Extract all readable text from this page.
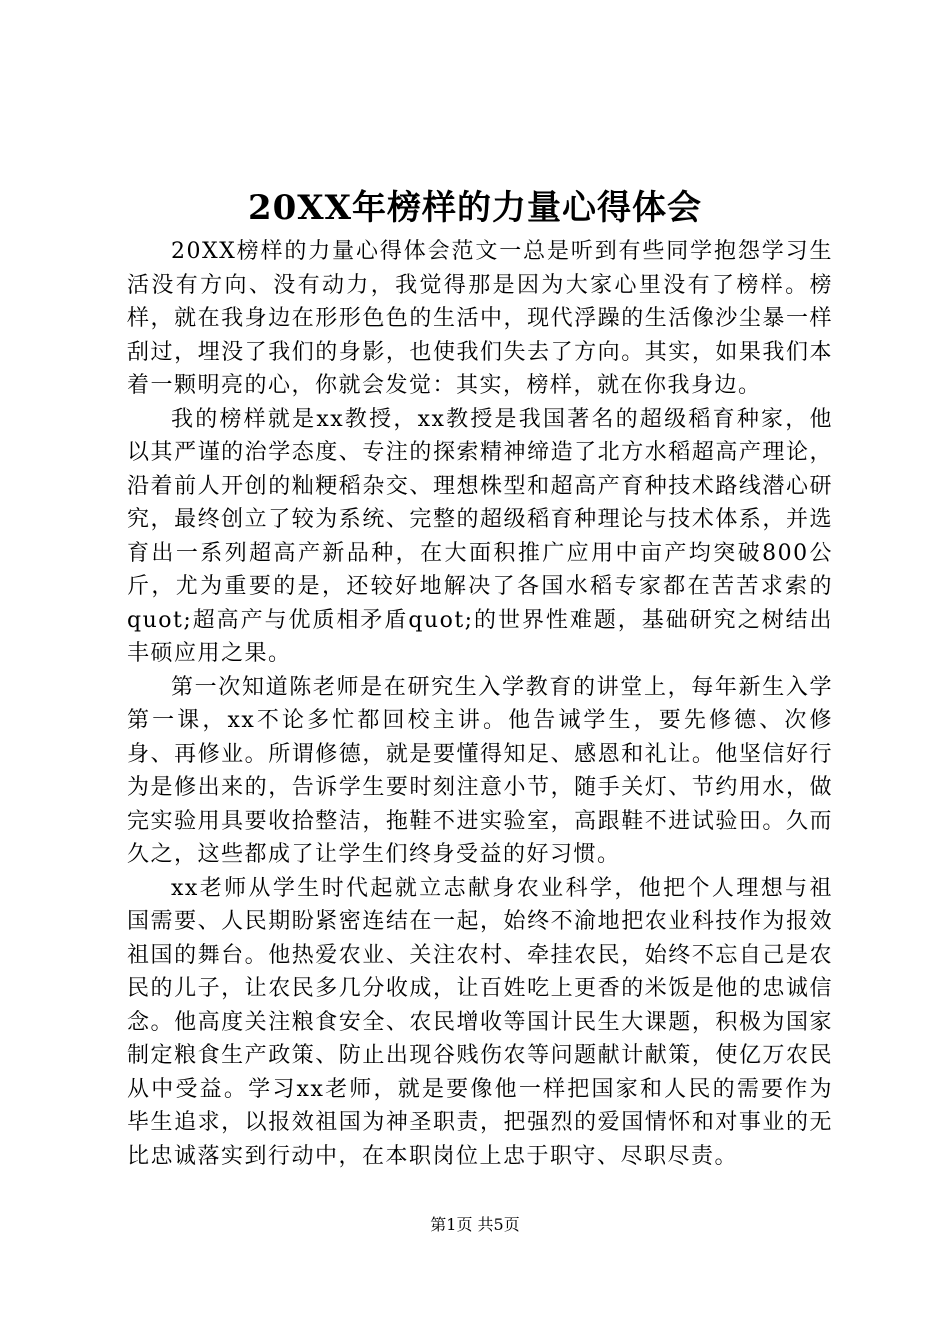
20XX年榜样的力量心得体会

20XX榜样的力量心得体会范文一总是听到有些同学抱怨学习生活没有方向、没有动力，我觉得那是因为大家心里没有了榜样。榜样，就在我身边在形形色色的生活中，现代浮躁的生活像沙尘暴一样刮过，埋没了我们的身影，也使我们失去了方向。其实，如果我们本着一颗明亮的心，你就会发觉：其实，榜样，就在你我身边。

我的榜样就是xx教授，xx教授是我国著名的超级稻育种家，他以其严谨的治学态度、专注的探索精神缔造了北方水稻超高产理论，沿着前人开创的籼粳稻杂交、理想株型和超高产育种技术路线潜心研究，最终创立了较为系统、完整的超级稻育种理论与技术体系，并选育出一系列超高产新品种，在大面积推广应用中亩产均突破800公斤，尤为重要的是，还较好地解决了各国水稻专家都在苦苦求索的quot;超高产与优质相矛盾quot;的世界性难题，基础研究之树结出丰硕应用之果。

第一次知道陈老师是在研究生入学教育的讲堂上，每年新生入学第一课，xx不论多忙都回校主讲。他告诫学生，要先修德、次修身、再修业。所谓修德，就是要懂得知足、感恩和礼让。他坚信好行为是修出来的，告诉学生要时刻注意小节，随手关灯、节约用水，做完实验用具要收拾整洁，拖鞋不进实验室，高跟鞋不进试验田。久而久之，这些都成了让学生们终身受益的好习惯。

xx老师从学生时代起就立志献身农业科学，他把个人理想与祖国需要、人民期盼紧密连结在一起，始终不渝地把农业科技作为报效祖国的舞台。他热爱农业、关注农村、牵挂农民，始终不忘自己是农民的儿子，让农民多几分收成，让百姓吃上更香的米饭是他的忠诚信念。他高度关注粮食安全、农民增收等国计民生大课题，积极为国家制定粮食生产政策、防止出现谷贱伤农等问题献计献策，使亿万农民从中受益。学习xx老师，就是要像他一样把国家和人民的需要作为毕生追求，以报效祖国为神圣职责，把强烈的爱国情怀和对事业的无比忠诚落实到行动中，在本职岗位上忠于职守、尽职尽责。

第1页 共5页
